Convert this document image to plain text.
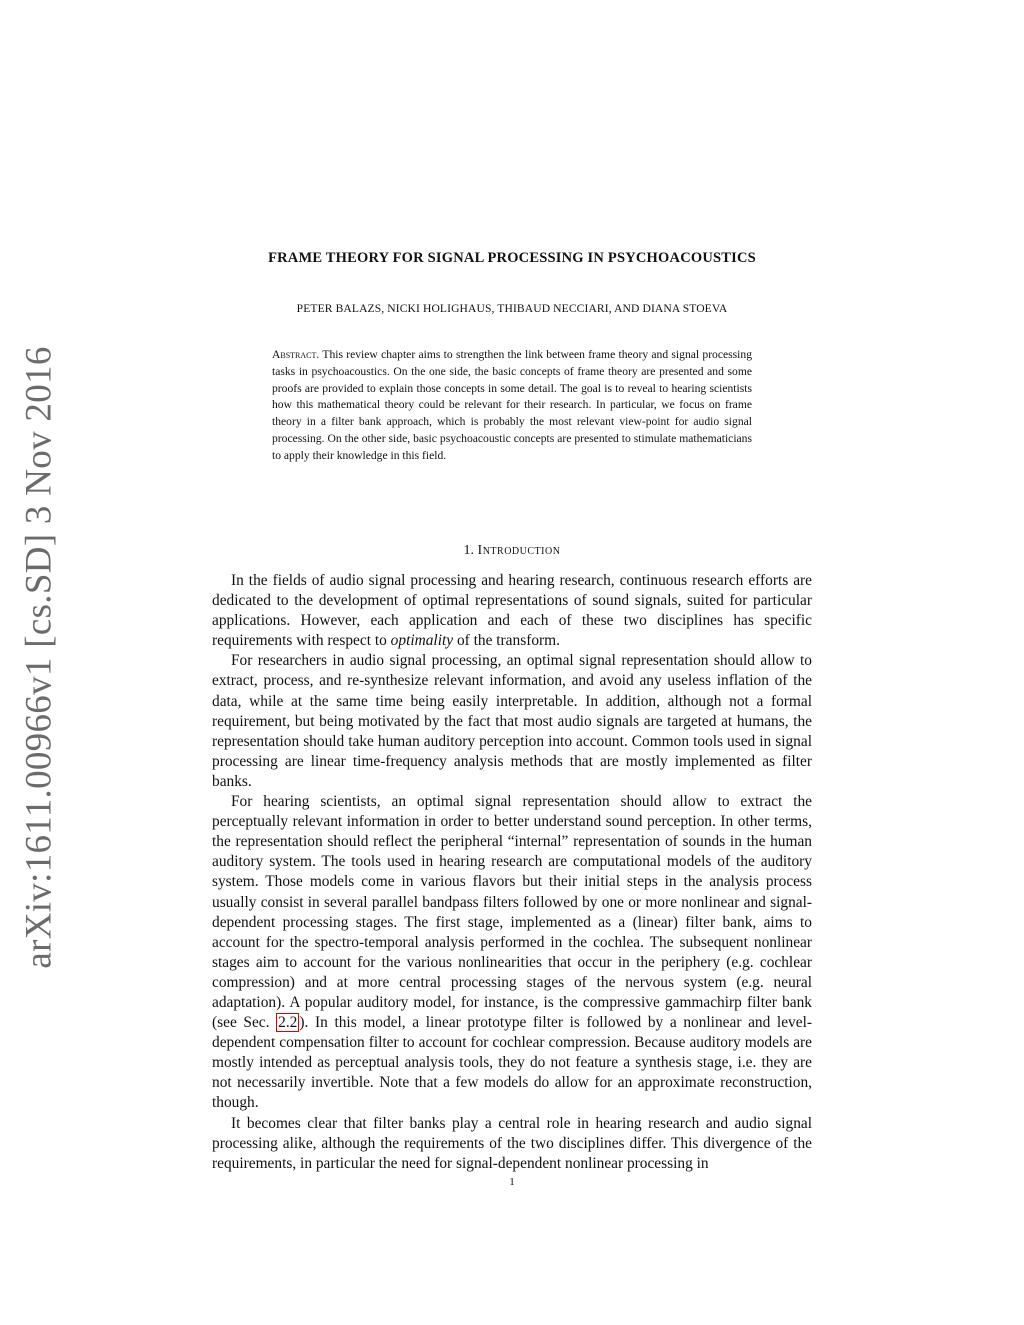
arXiv:1611.00966v1 [cs.SD] 3 Nov 2016
FRAME THEORY FOR SIGNAL PROCESSING IN PSYCHOACOUSTICS
PETER BALAZS, NICKI HOLIGHAUS, THIBAUD NECCIARI, AND DIANA STOEVA
Abstract. This review chapter aims to strengthen the link between frame theory and signal processing tasks in psychoacoustics. On the one side, the basic concepts of frame theory are presented and some proofs are provided to explain those concepts in some detail. The goal is to reveal to hearing scientists how this mathematical theory could be relevant for their research. In particular, we focus on frame theory in a filter bank approach, which is probably the most relevant view-point for audio signal processing. On the other side, basic psychoacoustic concepts are presented to stimulate mathematicians to apply their knowledge in this field.
1. Introduction

In the fields of audio signal processing and hearing research, continuous research efforts are dedicated to the development of optimal representations of sound signals, suited for particular applications. However, each application and each of these two disciplines has specific requirements with respect to optimality of the transform.

For researchers in audio signal processing, an optimal signal representation should allow to extract, process, and re-synthesize relevant information, and avoid any useless inflation of the data, while at the same time being easily interpretable. In addition, although not a formal requirement, but being motivated by the fact that most audio signals are targeted at humans, the representation should take human auditory perception into account. Common tools used in signal processing are linear time-frequency analysis methods that are mostly implemented as filter banks.

For hearing scientists, an optimal signal representation should allow to extract the perceptually relevant information in order to better understand sound perception. In other terms, the representation should reflect the peripheral “internal” representation of sounds in the human auditory system. The tools used in hearing research are computational models of the auditory system. Those models come in various flavors but their initial steps in the analysis process usually consist in several parallel bandpass filters followed by one or more nonlinear and signal-dependent processing stages. The first stage, implemented as a (linear) filter bank, aims to account for the spectro-temporal analysis performed in the cochlea. The subsequent nonlinear stages aim to account for the various nonlinearities that occur in the periphery (e.g. cochlear compression) and at more central processing stages of the nervous system (e.g. neural adaptation). A popular auditory model, for instance, is the compressive gammachirp filter bank (see Sec. 2.2 ). In this model, a linear prototype filter is followed by a nonlinear and level-dependent compensation filter to account for cochlear compression. Because auditory models are mostly intended as perceptual analysis tools, they do not feature a synthesis stage, i.e. they are not necessarily invertible. Note that a few models do allow for an approximate reconstruction, though.

It becomes clear that filter banks play a central role in hearing research and audio signal processing alike, although the requirements of the two disciplines differ. This divergence of the requirements, in particular the need for signal-dependent nonlinear processing in

1
